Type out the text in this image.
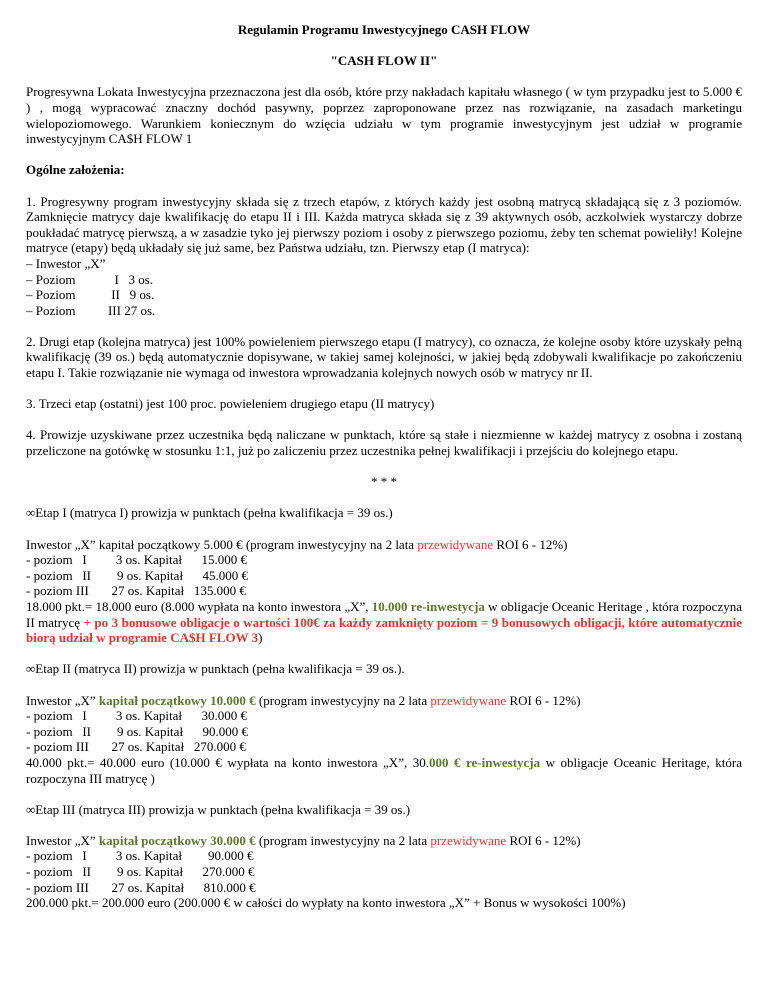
Regulamin Programu Inwestycyjnego CASH FLOW

"CASH FLOW II"

Progresywna Lokata Inwestycyjna przeznaczona jest dla osób, które przy nakładach kapitału własnego ( w tym przypadku jest to 5.000 € ) , mogą wypracować znaczny dochód pasywny, poprzez zaproponowane przez nas rozwiązanie, na zasadach marketingu wielopoziomowego. Warunkiem koniecznym do wzięcia udziału w tym programie inwestycyjnym jest udział w programie inwestycyjnym CA$H FLOW 1

Ogólne założenia:

1. Progresywny program inwestycyjny składa się z trzech etapów, z których każdy jest osobną matrycą składającą się z 3 poziomów. Zamknięcie matrycy daje kwalifikację do etapu II i III. Każda matryca składa się z 39 aktywnych osób, aczkolwiek wystarczy dobrze poukładać matrycę pierwszą, a w zasadzie tyko jej pierwszy poziom i osoby z pierwszego poziomu, żeby ten schemat powieliły! Kolejne matryce (etapy) będą układały się już same, bez Państwa udziału, tzn. Pierwszy etap (I matryca):

– Inwestor „X”

– Poziom            I   3 os.

– Poziom           II   9 os.

– Poziom          III 27 os.

2. Drugi etap (kolejna matryca) jest 100% powieleniem pierwszego etapu (I matrycy), co oznacza, że kolejne osoby które uzyskały pełną kwalifikację (39 os.) będą automatycznie dopisywane, w takiej samej kolejności, w jakiej będą zdobywali kwalifikacje po zakończeniu etapu I. Takie rozwiązanie nie wymaga od inwestora wprowadzania kolejnych nowych osób w matrycy nr II.

3. Trzeci etap (ostatni) jest 100 proc. powieleniem drugiego etapu (II matrycy)

4. Prowizje uzyskiwane przez uczestnika będą naliczane w punktach, które są stałe i niezmienne w każdej matrycy z osobna i zostaną przeliczone na gotówkę w stosunku 1:1, już po zaliczeniu przez uczestnika pełnej kwalifikacji i przejściu do kolejnego etapu.

* * *

∞Etap I (matryca I) prowizja w punktach (pełna kwalifikacja = 39 os.)

Inwestor „X” kapitał początkowy 5.000 € (program inwestycyjny na 2 lata przewidywane ROI 6 - 12%)

- poziom   I         3 os. Kapitał      15.000 €

- poziom   II        9 os. Kapitał      45.000 €

- poziom III       27 os. Kapitał   135.000 €

18.000 pkt.= 18.000 euro (8.000 wypłata na konto inwestora „X”, 10.000 re-inwestycja w obligacje Oceanic Heritage , która rozpoczyna II matrycę + po 3 bonusowe obligacje o wartości 100€ za każdy zamknięty poziom = 9 bonusowych obligacji, które automatycznie biorą udział w programie CA$H FLOW 3)

∞Etap II (matryca II) prowizja w punktach (pełna kwalifikacja = 39 os.).

Inwestor „X” kapitał początkowy 10.000 € (program inwestycyjny na 2 lata przewidywane ROI 6 - 12%)

- poziom   I         3 os. Kapitał      30.000 €

- poziom   II        9 os. Kapitał      90.000 €

- poziom III       27 os. Kapitał   270.000 €

40.000 pkt.= 40.000 euro (10.000 € wypłata na konto inwestora „X”, 30.000 € re-inwestycja w obligacje Oceanic Heritage, która rozpoczyna III matrycę )

∞Etap III (matryca III) prowizja w punktach (pełna kwalifikacja = 39 os.)

Inwestor „X” kapitał początkowy 30.000 € (program inwestycyjny na 2 lata przewidywane ROI 6 - 12%)

- poziom   I         3 os. Kapitał        90.000 €

- poziom   II        9 os. Kapitał      270.000 €

- poziom III       27 os. Kapitał      810.000 €

200.000 pkt.= 200.000 euro (200.000 € w całości do wypłaty na konto inwestora „X” + Bonus w wysokości 100%)
